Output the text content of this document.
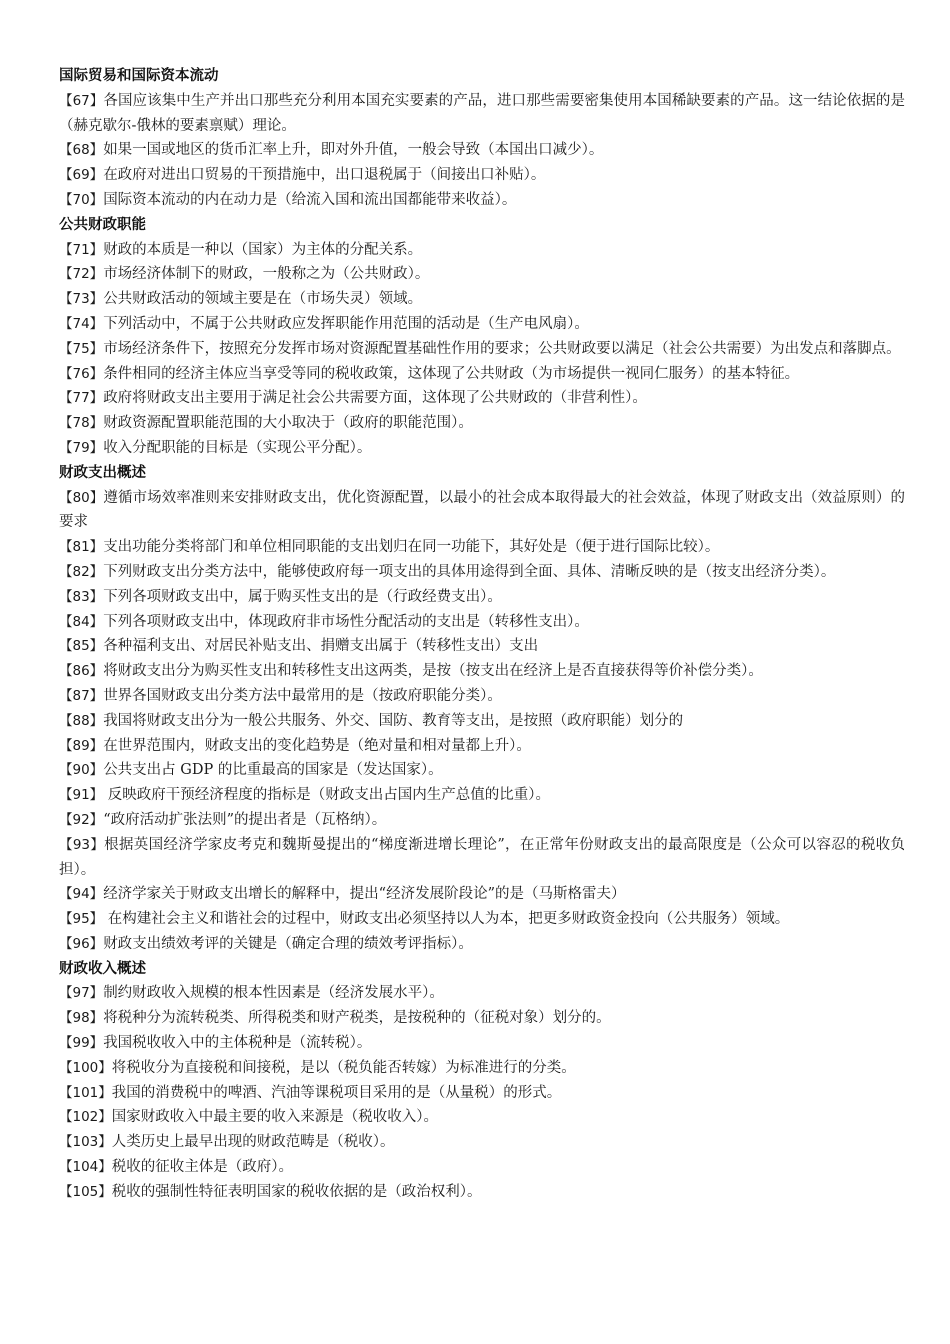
国际贸易和国际资本流动

【67】各国应该集中生产并出口那些充分利用本国充实要素的产品，进口那些需要密集使用本国稀缺要素的产品。这一结论依据的是（赫克歇尔-俄林的要素禀赋）理论。

【68】如果一国或地区的货币汇率上升，即对外升值，一般会导致（本国出口减少）。

【69】在政府对进出口贸易的干预措施中，出口退税属于（间接出口补贴）。

【70】国际资本流动的内在动力是（给流入国和流出国都能带来收益）。

公共财政职能

【71】财政的本质是一种以（国家）为主体的分配关系。

【72】市场经济体制下的财政，一般称之为（公共财政）。

【73】公共财政活动的领域主要是在（市场失灵）领域。

【74】下列活动中，不属于公共财政应发挥职能作用范围的活动是（生产电风扇）。

【75】市场经济条件下，按照充分发挥市场对资源配置基础性作用的要求；公共财政要以满足（社会公共需要）为出发点和落脚点。

【76】条件相同的经济主体应当享受等同的税收政策，这体现了公共财政（为市场提供一视同仁服务）的基本特征。

【77】政府将财政支出主要用于满足社会公共需要方面，这体现了公共财政的（非营利性）。

【78】财政资源配置职能范围的大小取决于（政府的职能范围）。

【79】收入分配职能的目标是（实现公平分配）。

财政支出概述

【80】遵循市场效率准则来安排财政支出，优化资源配置，以最小的社会成本取得最大的社会效益，体现了财政支出（效益原则）的要求

【81】支出功能分类将部门和单位相同职能的支出划归在同一功能下，其好处是（便于进行国际比较）。

【82】下列财政支出分类方法中，能够使政府每一项支出的具体用途得到全面、具体、清晰反映的是（按支出经济分类）。

【83】下列各项财政支出中，属于购买性支出的是（行政经费支出）。

【84】下列各项财政支出中，体现政府非市场性分配活动的支出是（转移性支出）。

【85】各种福利支出、对居民补贴支出、捐赠支出属于（转移性支出）支出

【86】将财政支出分为购买性支出和转移性支出这两类，是按（按支出在经济上是否直接获得等价补偿分类）。

【87】世界各国财政支出分类方法中最常用的是（按政府职能分类）。

【88】我国将财政支出分为一般公共服务、外交、国防、教育等支出，是按照（政府职能）划分的

【89】在世界范围内，财政支出的变化趋势是（绝对量和相对量都上升）。

【90】公共支出占 GDP 的比重最高的国家是（发达国家）。

【91】 反映政府干预经济程度的指标是（财政支出占国内生产总值的比重）。

【92】“政府活动扩张法则”的提出者是（瓦格纳）。

【93】根据英国经济学家皮考克和魏斯曼提出的“梯度渐进增长理论”，在正常年份财政支出的最高限度是（公众可以容忍的税收负担）。

【94】经济学家关于财政支出增长的解释中，提出“经济发展阶段论”的是（马斯格雷夫）

【95】 在构建社会主义和谐社会的过程中，财政支出必须坚持以人为本，把更多财政资金投向（公共服务）领域。

【96】财政支出绩效考评的关键是（确定合理的绩效考评指标）。

财政收入概述

【97】制约财政收入规模的根本性因素是（经济发展水平）。

【98】将税种分为流转税类、所得税类和财产税类，是按税种的（征税对象）划分的。

【99】我国税收收入中的主体税种是（流转税）。

【100】将税收分为直接税和间接税，是以（税负能否转嫁）为标准进行的分类。

【101】我国的消费税中的啤酒、汽油等课税项目采用的是（从量税）的形式。

【102】国家财政收入中最主要的收入来源是（税收收入）。

【103】人类历史上最早出现的财政范畴是（税收）。

【104】税收的征收主体是（政府）。

【105】税收的强制性特征表明国家的税收依据的是（政治权利）。
